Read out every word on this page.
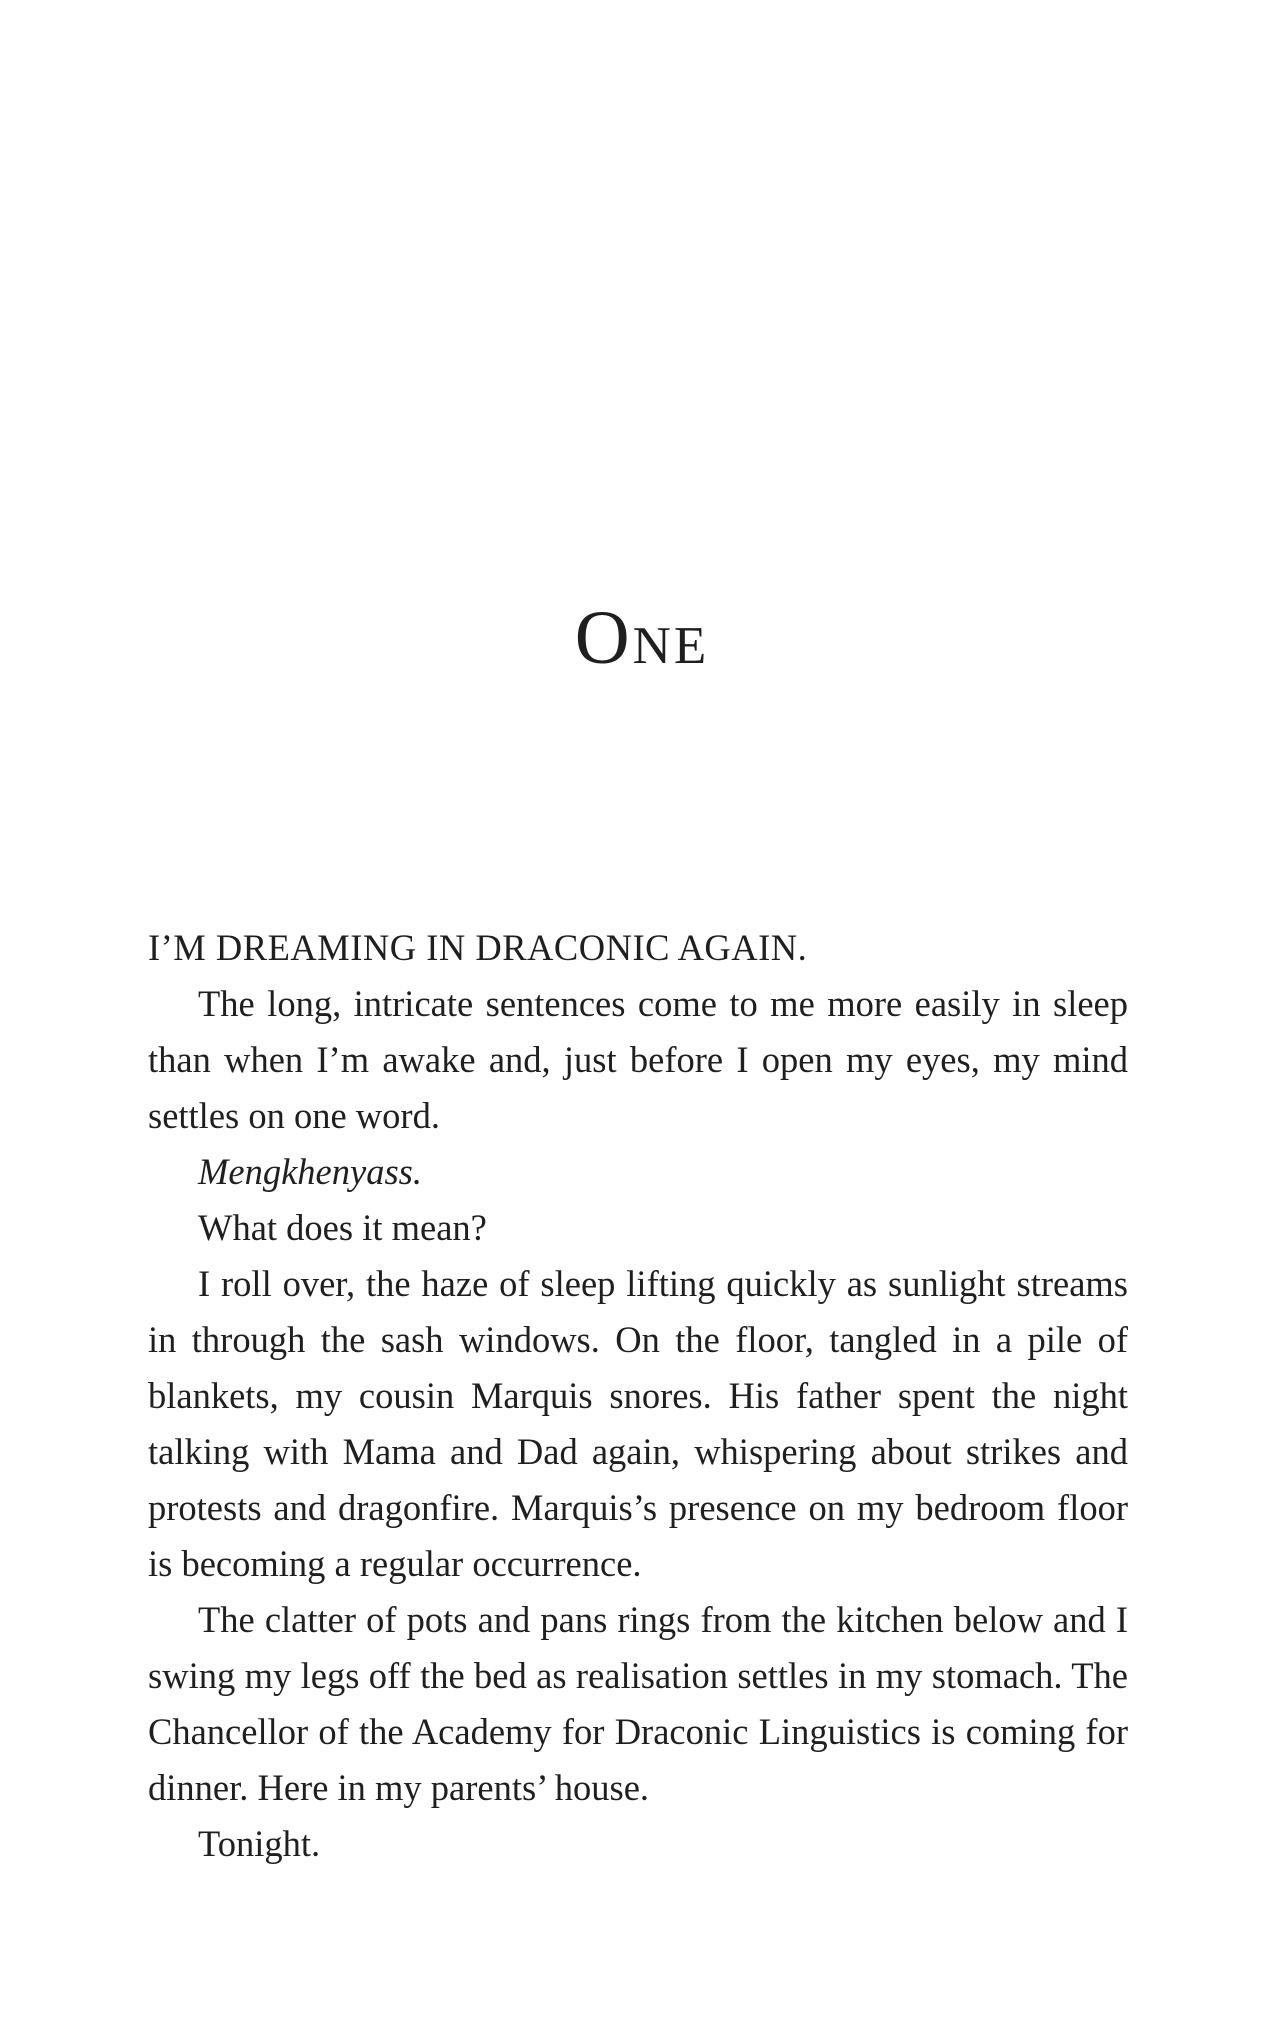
One

I’M DREAMING IN DRACONIC AGAIN.

The long, intricate sentences come to me more easily in sleep than when I’m awake and, just before I open my eyes, my mind settles on one word.

Mengkhenyass.

What does it mean?

I roll over, the haze of sleep lifting quickly as sunlight streams in through the sash windows. On the floor, tangled in a pile of blankets, my cousin Marquis snores. His father spent the night talking with Mama and Dad again, whispering about strikes and protests and dragonfire. Marquis’s presence on my bedroom floor is becoming a regular occurrence.

The clatter of pots and pans rings from the kitchen below and I swing my legs off the bed as realisation settles in my stomach. The Chancellor of the Academy for Draconic Linguistics is coming for dinner. Here in my parents’ house.

Tonight.
